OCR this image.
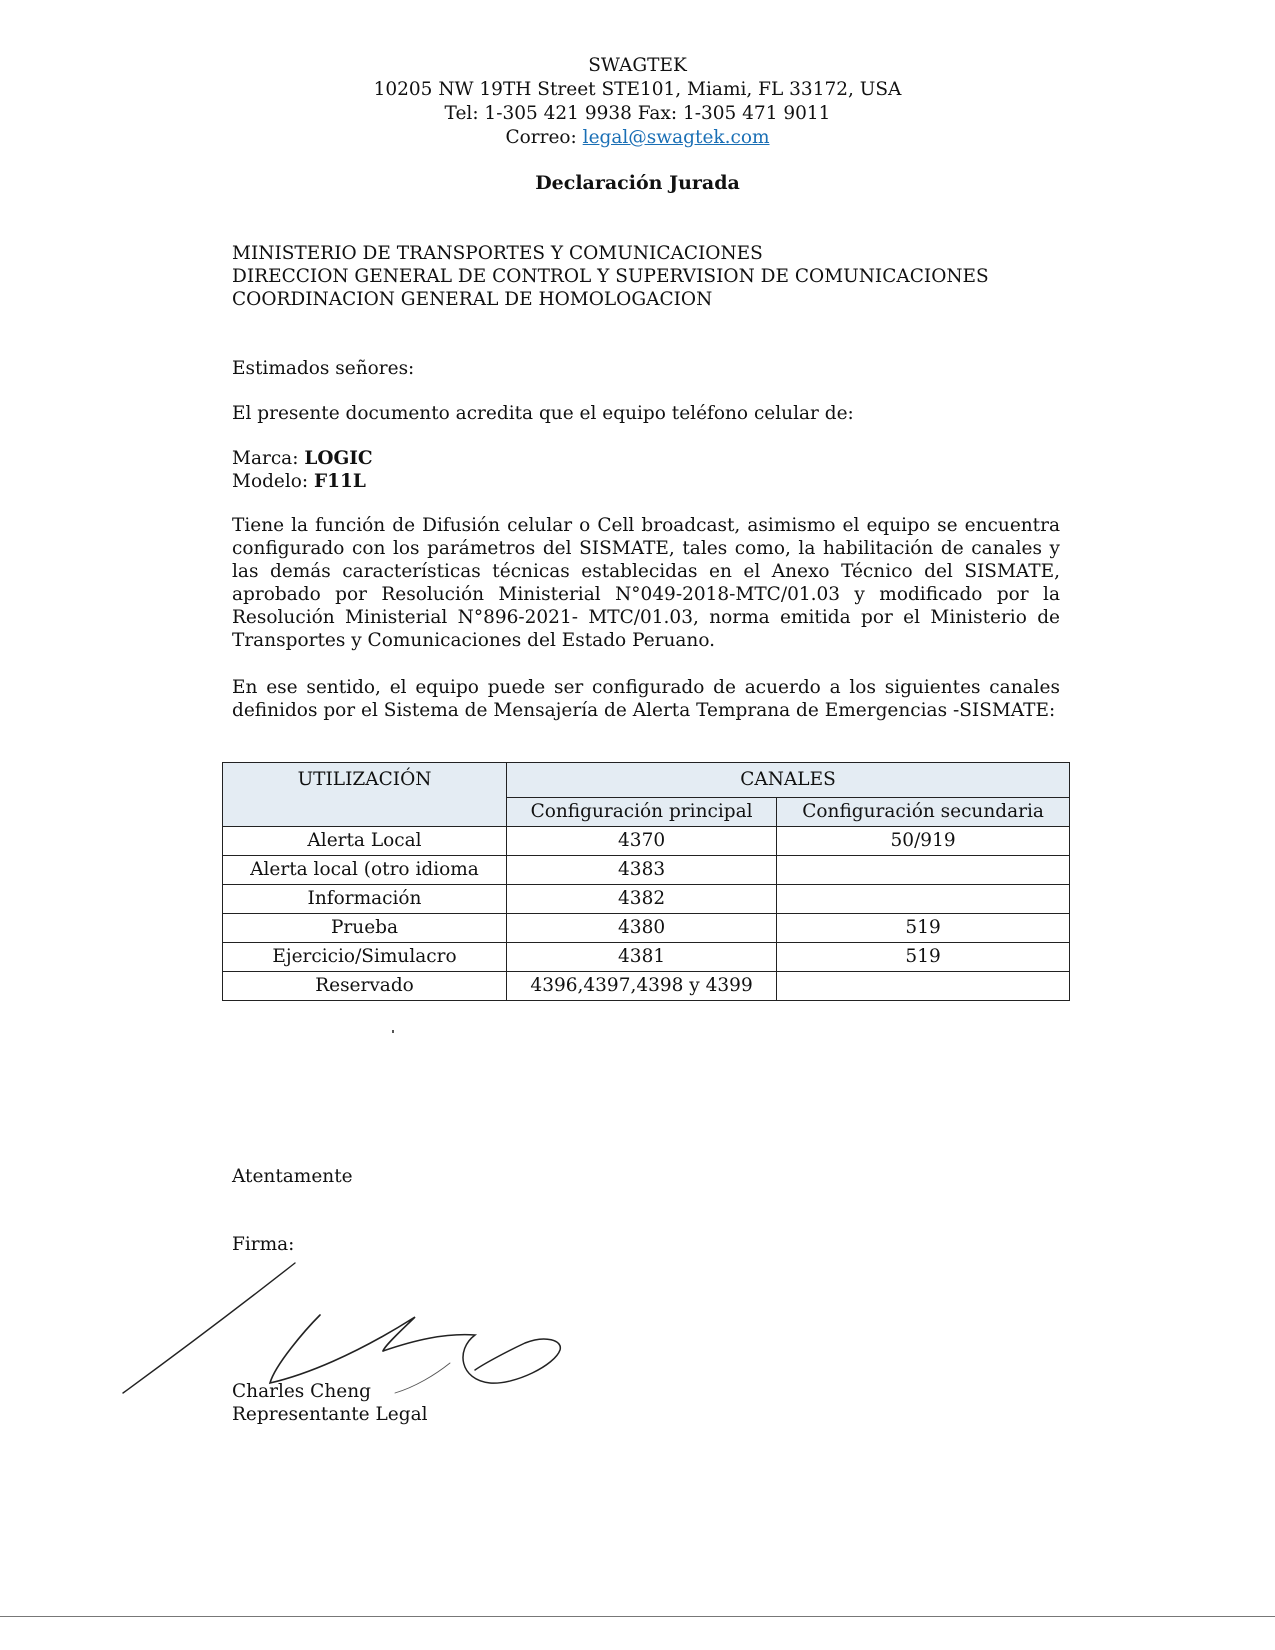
SWAGTEK
10205 NW 19TH Street STE101, Miami, FL 33172, USA
Tel: 1-305 421 9938 Fax: 1-305 471 9011
Correo: legal@swagtek.com
Declaración Jurada
MINISTERIO DE TRANSPORTES Y COMUNICACIONES
DIRECCION GENERAL DE CONTROL Y SUPERVISION DE COMUNICACIONES
COORDINACION GENERAL DE HOMOLOGACION
Estimados señores:
El presente documento acredita que el equipo teléfono celular de:
Marca: LOGIC
Modelo: F11L
Tiene la función de Difusión celular o Cell broadcast, asimismo el equipo se encuentra configurado con los parámetros del SISMATE, tales como, la habilitación de canales y las demás características técnicas establecidas en el Anexo Técnico del SISMATE, aprobado por Resolución Ministerial N°049-2018-MTC/01.03 y modificado por la Resolución Ministerial N°896-2021- MTC/01.03, norma emitida por el Ministerio de Transportes y Comunicaciones del Estado Peruano.
En ese sentido, el equipo puede ser configurado de acuerdo a los siguientes canales definidos por el Sistema de Mensajería de Alerta Temprana de Emergencias -SISMATE:
UTILIZACIÓN	CANALES	
	Configuración principal	Configuración secundaria
Alerta Local	4370	50/919
Alerta local (otro idioma	4383	
Información	4382	
Prueba	4380	519
Ejercicio/Simulacro	4381	519
Reservado	4396,4397,4398 y 4399	
Atentamente
Firma:
Charles Cheng
Representante Legal
